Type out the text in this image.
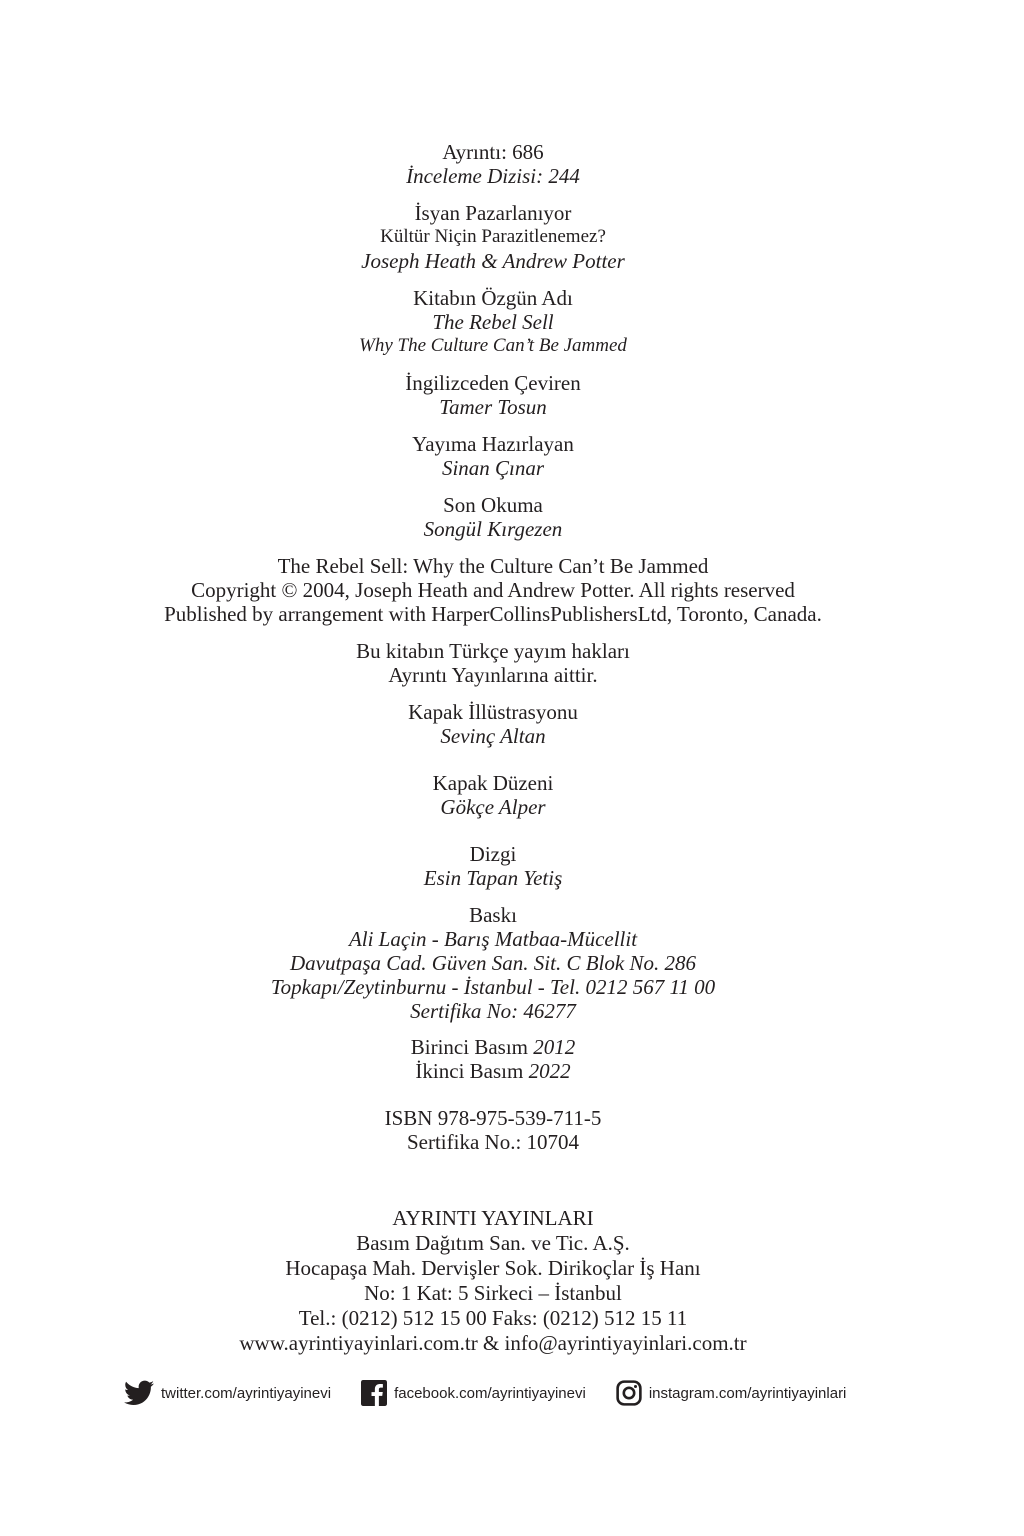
Ayrıntı: 686
İnceleme Dizisi: 244
İsyan Pazarlanıyor
Kültür Niçin Parazitlenemez?
Joseph Heath & Andrew Potter
Kitabın Özgün Adı
The Rebel Sell
Why The Culture Can’t Be Jammed
İngilizceden Çeviren
Tamer Tosun
Yayıma Hazırlayan
Sinan Çınar
Son Okuma
Songül Kırgezen
The Rebel Sell: Why the Culture Can’t Be Jammed
Copyright © 2004, Joseph Heath and Andrew Potter. All rights reserved
Published by arrangement with HarperCollinsPublishersLtd, Toronto, Canada.
Bu kitabın Türkçe yayım hakları
Ayrıntı Yayınlarına aittir.
Kapak İllüstrasyonu
Sevinç Altan
Kapak Düzeni
Gökçe Alper
Dizgi
Esin Tapan Yetiş
Baskı
Ali Laçin - Barış Matbaa-Mücellit
Davutpaşa Cad. Güven San. Sit. C Blok No. 286
Topkapı/Zeytinburnu - İstanbul - Tel. 0212 567 11 00
Sertifika No: 46277
Birinci Basım 2012
İkinci Basım 2022
ISBN 978-975-539-711-5
Sertifika No.: 10704
AYRINTI YAYINLARI
Basım Dağıtım San. ve Tic. A.Ş.
Hocapaşa Mah. Dervişler Sok. Dirikoçlar İş Hanı
No: 1 Kat: 5 Sirkeci – İstanbul
Tel.: (0212) 512 15 00 Faks: (0212) 512 15 11
www.ayrintiyayinlari.com.tr & info@ayrintiyayinlari.com.tr
twitter.com/ayrintiyayinevi	facebook.com/ayrintiyayinevi	instagram.com/ayrintiyayinlari
